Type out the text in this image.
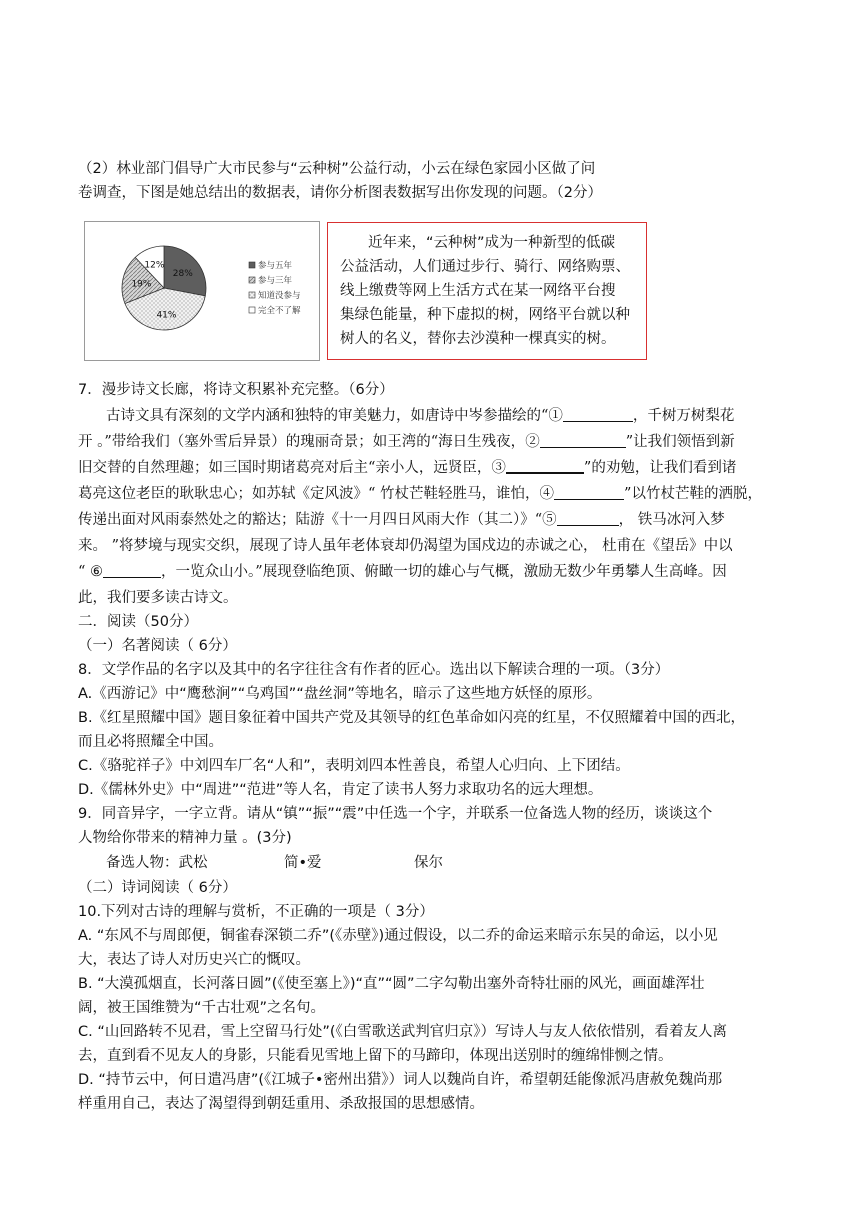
（2）林业部门倡导广大市民参与“云种树”公益行动，小云在绿色家园小区做了问
卷调查，下图是她总结出的数据表，请你分析图表数据写出你发现的问题。（2分）
28%
41%
19%
12%	参与五年
参与三年
知道没参与
完全不了解
近年来，“云种树”成为一种新型的低碳
公益活动，人们通过步行、骑行、网络购票、
线上缴费等网上生活方式在某一网络平台搜
集绿色能量，种下虚拟的树，网络平台就以种
树人的名义，替你去沙漠种一棵真实的树。
7．漫步诗文长廊，将诗文积累补充完整。（6分）
古诗文具有深刻的文学内涵和独特的审美魅力，如唐诗中岑参描绘的“①	，千树万树梨花
开 。”带给我们（塞外雪后异景）的瑰丽奇景；如王湾的“海日生残夜，②	”让我们领悟到新
旧交替的自然理趣；如三国时期诸葛亮对后主“亲小人，远贤臣，③	”的劝勉，让我们看到诸
葛亮这位老臣的耿耿忠心；如苏轼《定风波》“ 竹杖芒鞋轻胜马，谁怕，④	”以竹杖芒鞋的洒脱，
传递出面对风雨泰然处之的豁达；陆游《十一月四日风雨大作（其二）》“⑤	， 铁马冰河入梦
来。 ”将梦境与现实交织，展现了诗人虽年老体衰却仍渴望为国戍边的赤诚之心， 杜甫在《望岳》中以
“ ⑥	，一览众山小。”展现登临绝顶、俯瞰一切的雄心与气概，激励无数少年勇攀人生高峰。因
此，我们要多读古诗文。
二．阅读（50分）
（一）名著阅读（ 6分）
8．文学作品的名字以及其中的名字往往含有作者的匠心。选出以下解读合理的一项。（3分）
A.《西游记》中“鹰愁涧”“乌鸡国”“盘丝洞”等地名，暗示了这些地方妖怪的原形。
B.《红星照耀中国》题目象征着中国共产党及其领导的红色革命如闪亮的红星，不仅照耀着中国的西北，
而且必将照耀全中国。
C.《骆驼祥子》中刘四车厂名“人和”，表明刘四本性善良，希望人心归向、上下团结。
D.《儒林外史》中“周进”“范进”等人名，肯定了读书人努力求取功名的远大理想。
9．同音异字，一字立背。请从“镇”“振”“震”中任选一个字，并联系一位备选人物的经历，谈谈这个
人物给你带来的精神力量 。(3分)
备选人物：武松	简•爱	保尔
（二）诗词阅读（ 6分）
10.下列对古诗的理解与赏析，不正确的一项是（ 3分）
A. “东风不与周郎便，铜雀春深锁二乔”(《赤壁》)通过假设，以二乔的命运来暗示东吴的命运，以小见
大，表达了诗人对历史兴亡的慨叹。
B. “大漠孤烟直，长河落日圆”(《使至塞上》)“直”“圆”二字勾勒出塞外奇特壮丽的风光，画面雄浑壮
阔，被王国维赞为“千古壮观”之名句。
C. “山回路转不见君，雪上空留马行处”(《白雪歌送武判官归京》）写诗人与友人依依惜别，看着友人离
去，直到看不见友人的身影，只能看见雪地上留下的马蹄印，体现出送别时的缠绵悱恻之情。
D. “持节云中，何日遣冯唐”(《江城子•密州出猎》）词人以魏尚自许，希望朝廷能像派冯唐赦免魏尚那
样重用自己，表达了渴望得到朝廷重用、杀敌报国的思想感情。
